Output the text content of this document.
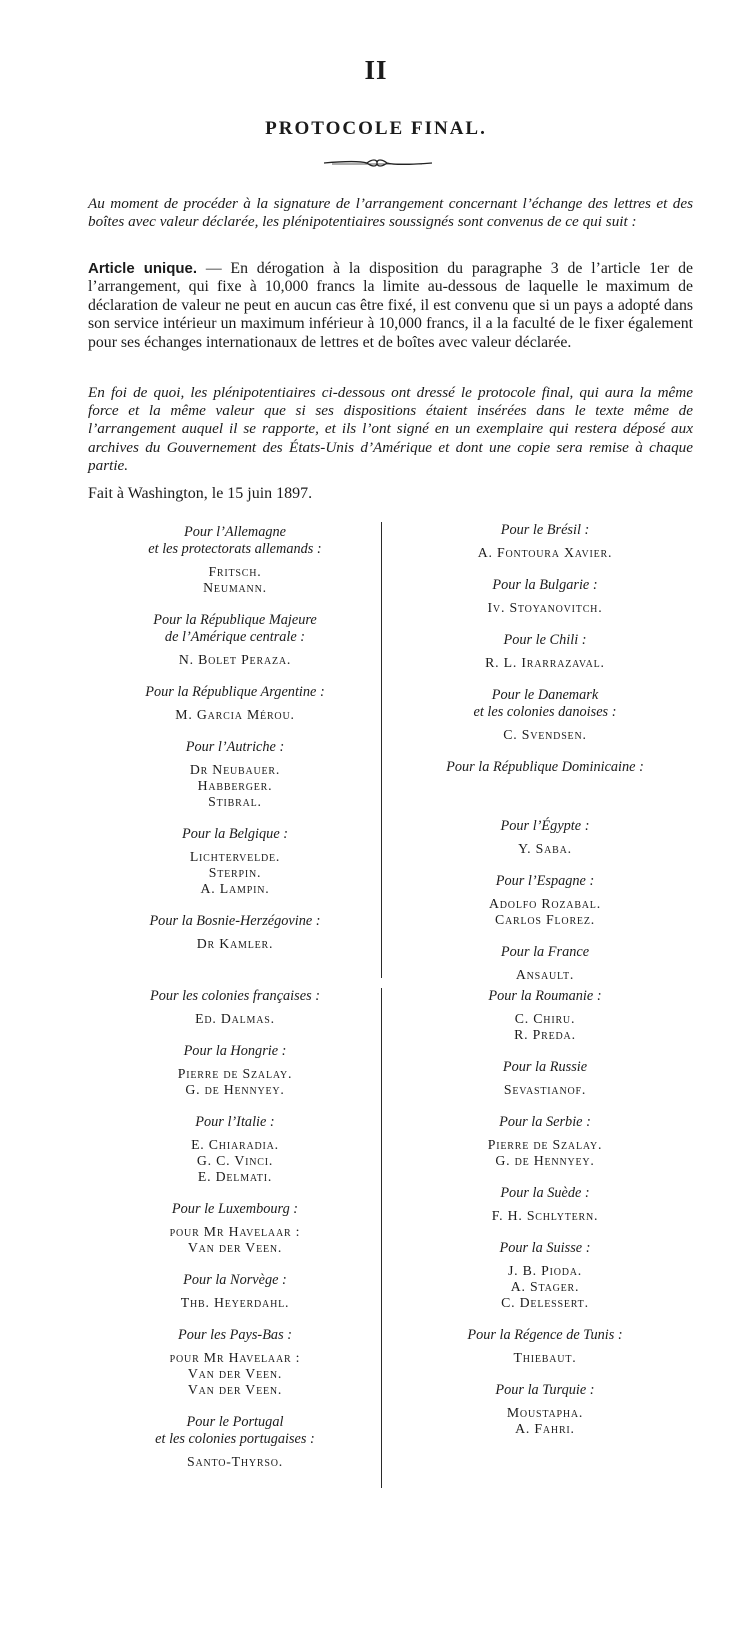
II
PROTOCOLE FINAL.

Au moment de procéder à la signature de l’arrangement concernant l’échange des lettres et des boîtes avec valeur déclarée, les plénipotentiaires soussignés sont convenus de ce qui suit :

Article unique. — En dérogation à la disposition du paragraphe 3 de l’article 1er de l’arrangement, qui fixe à 10,000 francs la limite au-dessous de laquelle le maximum de déclaration de valeur ne peut en aucun cas être fixé, il est convenu que si un pays a adopté dans son service intérieur un maximum inférieur à 10,000 francs, il a la faculté de le fixer également pour ses échanges internationaux de lettres et de boîtes avec valeur déclarée.

En foi de quoi, les plénipotentiaires ci-dessous ont dressé le protocole final, qui aura la même force et la même valeur que si ses dispositions étaient insérées dans le texte même de l’arrangement auquel il se rapporte, et ils l’ont signé en un exemplaire qui restera déposé aux archives du Gouvernement des États-Unis d’Amérique et dont une copie sera remise à chaque partie.

Fait à Washington, le 15 juin 1897.

Pour l’Allemagne
et les protectorats allemands :
Fritsch.
Neumann.
Pour la République Majeure
de l’Amérique centrale :
N. Bolet Peraza.
Pour la République Argentine :
M. Garcia Mérou.
Pour l’Autriche :
Dr Neubauer.
Habberger.
Stibral.
Pour la Belgique :
Lichtervelde.
Sterpin.
A. Lampin.
Pour la Bosnie-Herzégovine :
Dr Kamler.
Pour le Brésil :
A. Fontoura Xavier.
Pour la Bulgarie :
Iv. Stoyanovitch.
Pour le Chili :
R. L. Irarrazaval.
Pour le Danemark
et les colonies danoises :
C. Svendsen.
Pour la République Dominicaine :
Pour l’Égypte :
Y. Saba.
Pour l’Espagne :
Adolfo Rozabal.
Carlos Florez.
Pour la France
Ansault.
Pour les colonies françaises :
Ed. Dalmas.
Pour la Hongrie :
Pierre de Szalay.
G. de Hennyey.
Pour l’Italie :
E. Chiaradia.
G. C. Vinci.
E. Delmati.
Pour le Luxembourg :
pour Mr Havelaar :
Van der Veen.
Pour la Norvège :
Thb. Heyerdahl.
Pour les Pays-Bas :
pour Mr Havelaar :
Van der Veen.
Van der Veen.
Pour le Portugal
et les colonies portugaises :
Santo-Thyrso.
Pour la Roumanie :
C. Chiru.
R. Preda.
Pour la Russie
Sevastianof.
Pour la Serbie :
Pierre de Szalay.
G. de Hennyey.
Pour la Suède :
F. H. Schlytern.
Pour la Suisse :
J. B. Pioda.
A. Stager.
C. Delessert.
Pour la Régence de Tunis :
Thiebaut.
Pour la Turquie :
Moustapha.
A. Fahri.
